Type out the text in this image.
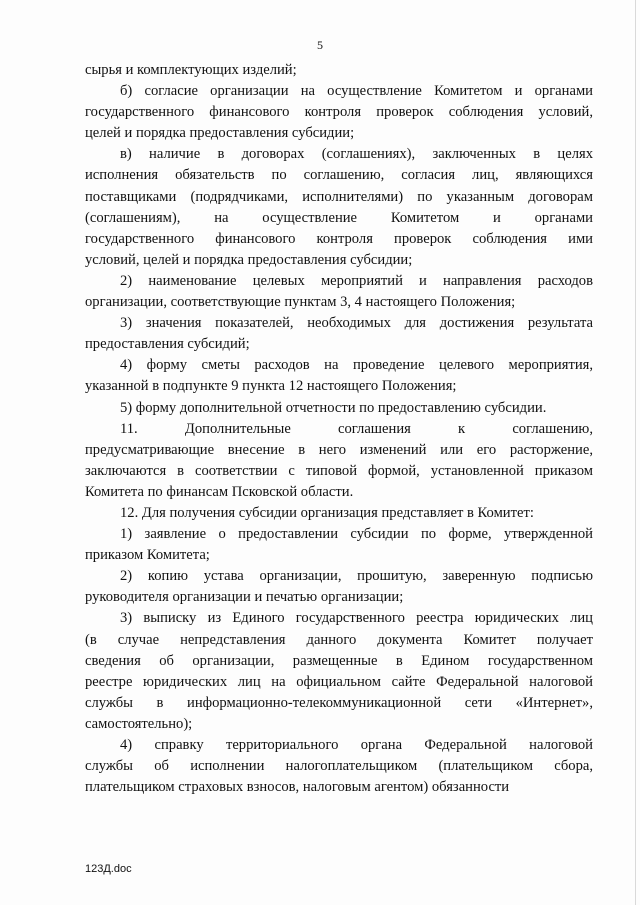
5
сырья и комплектующих изделий;
б) согласие организации на осуществление Комитетом и органами
государственного финансового контроля проверок соблюдения условий,
целей и порядка предоставления субсидии;
в) наличие в договорах (соглашениях), заключенных в целях
исполнения обязательств по соглашению, согласия лиц, являющихся
поставщиками (подрядчиками, исполнителями) по указанным договорам
(соглашениям), на осуществление Комитетом и органами
государственного финансового контроля проверок соблюдения ими
условий, целей и порядка предоставления субсидии;
2) наименование целевых мероприятий и направления расходов
организации, соответствующие пунктам 3, 4 настоящего Положения;
3) значения показателей, необходимых для достижения результата
предоставления субсидий;
4) форму сметы расходов на проведение целевого мероприятия,
указанной в подпункте 9 пункта 12 настоящего Положения;
5) форму дополнительной отчетности по предоставлению субсидии.
11. Дополнительные соглашения к соглашению,
предусматривающие внесение в него изменений или его расторжение,
заключаются в соответствии с типовой формой, установленной приказом
Комитета по финансам Псковской области.
12. Для получения субсидии организация представляет в Комитет:
1) заявление о предоставлении субсидии по форме, утвержденной
приказом Комитета;
2) копию устава организации, прошитую, заверенную подписью
руководителя организации и печатью организации;
3) выписку из Единого государственного реестра юридических лиц
(в случае непредставления данного документа Комитет получает
сведения об организации, размещенные в Едином государственном
реестре юридических лиц на официальном сайте Федеральной налоговой
службы в информационно-телекоммуникационной сети «Интернет»,
самостоятельно);
4) справку территориального органа Федеральной налоговой
службы об исполнении налогоплательщиком (плательщиком сбора,
плательщиком страховых взносов, налоговым агентом) обязанности
123Д.doc
